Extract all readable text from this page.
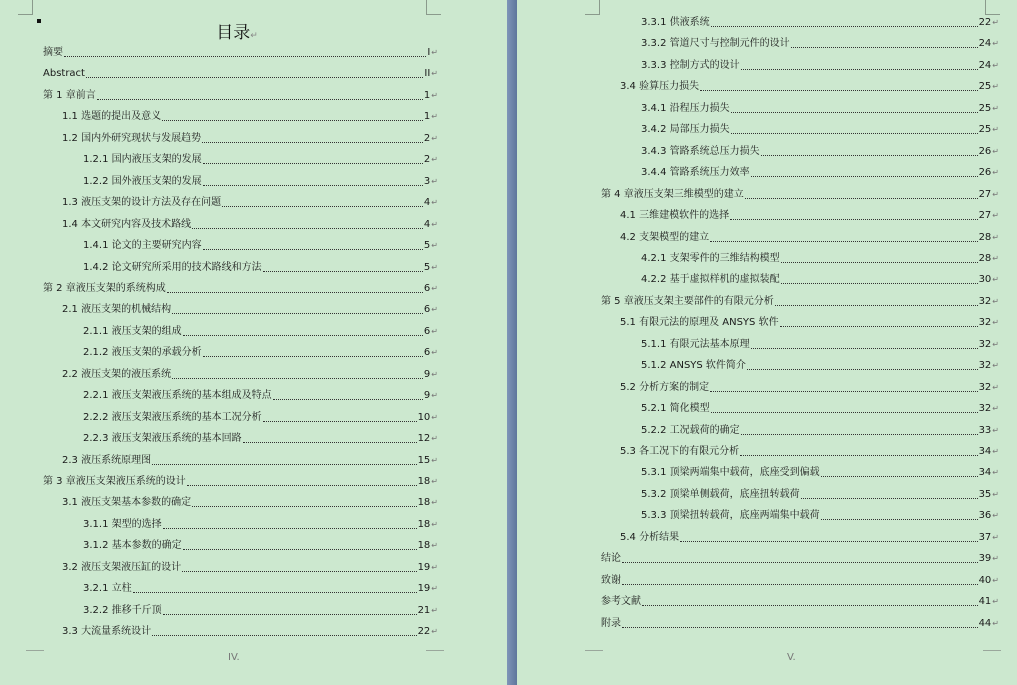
目录↵
摘要	I ↵
Abstract	II ↵
第 1 章前言	1 ↵
1.1 选题的提出及意义	1 ↵
1.2 国内外研究现状与发展趋势	2 ↵
1.2.1 国内液压支架的发展	2 ↵
1.2.2 国外液压支架的发展	3 ↵
1.3 液压支架的设计方法及存在问题	4 ↵
1.4 本文研究内容及技术路线	4 ↵
1.4.1 论文的主要研究内容	5 ↵
1.4.2 论文研究所采用的技术路线和方法	5 ↵
第 2 章液压支架的系统构成	6 ↵
2.1 液压支架的机械结构	6 ↵
2.1.1 液压支架的组成	6 ↵
2.1.2 液压支架的承载分析	6 ↵
2.2 液压支架的液压系统	9 ↵
2.2.1 液压支架液压系统的基本组成及特点	9 ↵
2.2.2 液压支架液压系统的基本工况分析	10 ↵
2.2.3 液压支架液压系统的基本回路	12 ↵
2.3 液压系统原理图	15 ↵
第 3 章液压支架液压系统的设计	18 ↵
3.1 液压支架基本参数的确定	18 ↵
3.1.1 架型的选择	18 ↵
3.1.2 基本参数的确定	18 ↵
3.2 液压支架液压缸的设计	19 ↵
3.2.1 立柱	19 ↵
3.2.2 推移千斤顶	21 ↵
3.3 大流量系统设计	22 ↵
IV.
3.3.1 供液系统	22 ↵
3.3.2 管道尺寸与控制元件的设计	24 ↵
3.3.3 控制方式的设计	24 ↵
3.4 验算压力损失	25 ↵
3.4.1 沿程压力损失	25 ↵
3.4.2 局部压力损失	25 ↵
3.4.3 管路系统总压力损失	26 ↵
3.4.4 管路系统压力效率	26 ↵
第 4 章液压支架三维模型的建立	27 ↵
4.1 三维建模软件的选择	27 ↵
4.2 支架模型的建立	28 ↵
4.2.1 支架零件的三维结构模型	28 ↵
4.2.2 基于虚拟样机的虚拟装配	30 ↵
第 5 章液压支架主要部件的有限元分析	32 ↵
5.1 有限元法的原理及 ANSYS 软件	32 ↵
5.1.1 有限元法基本原理	32 ↵
5.1.2 ANSYS 软件简介	32 ↵
5.2 分析方案的制定	32 ↵
5.2.1 简化模型	32 ↵
5.2.2 工况载荷的确定	33 ↵
5.3 各工况下的有限元分析	34 ↵
5.3.1 顶梁两端集中载荷，底座受到偏载	34 ↵
5.3.2 顶梁单侧载荷，底座扭转载荷	35 ↵
5.3.3 顶梁扭转载荷，底座两端集中载荷	36 ↵
5.4 分析结果	37 ↵
结论	39 ↵
致谢	40 ↵
参考文献	41 ↵
附录	44 ↵
V.
